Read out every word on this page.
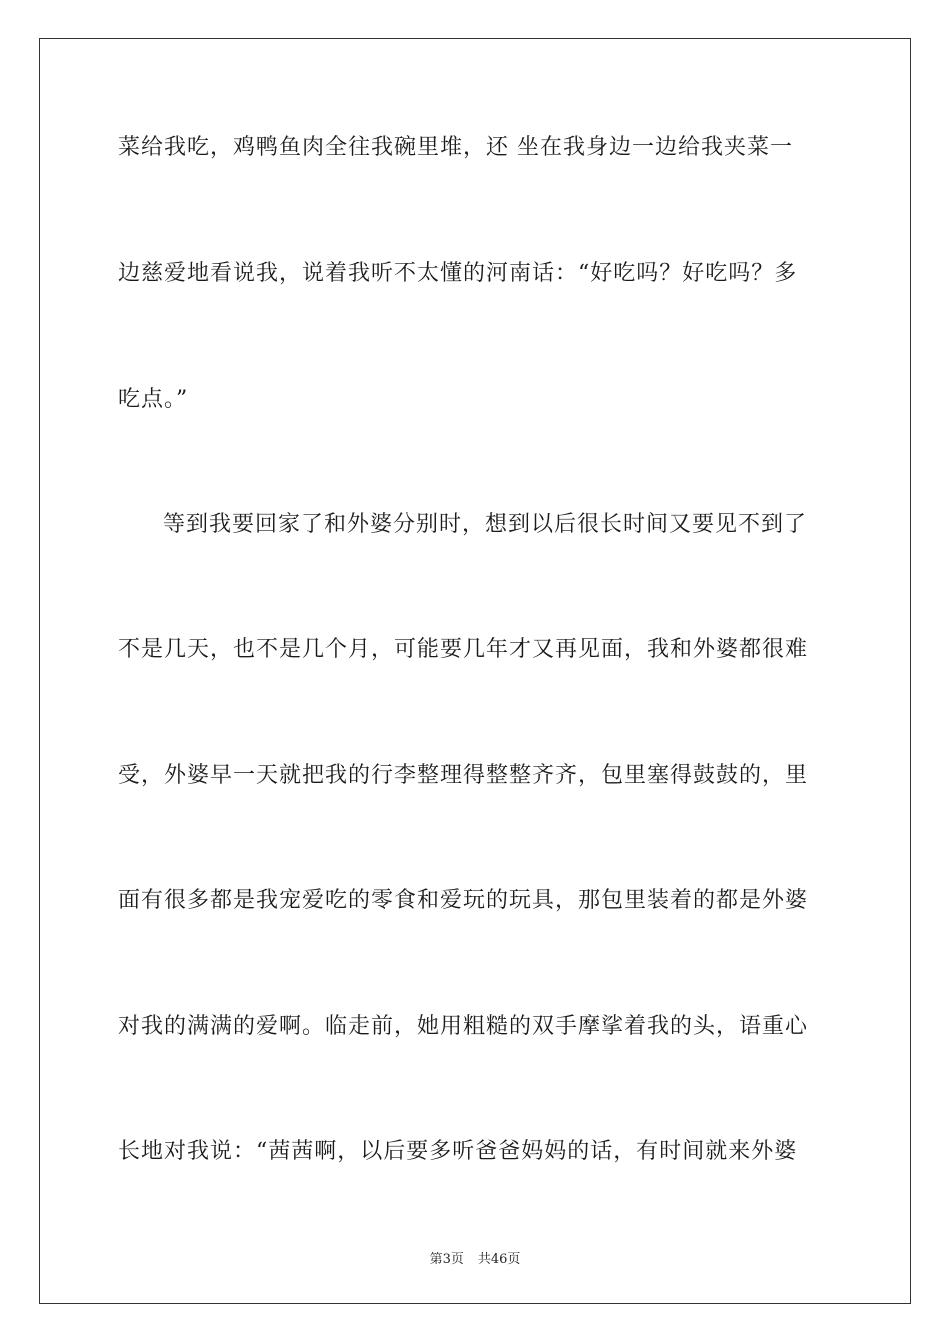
菜给我吃，鸡鸭鱼肉全往我碗里堆，还 坐在我身边一边给我夹菜一
边慈爱地看说我，说着我听不太懂的河南话：“好吃吗？好吃吗？多
吃点。”
等到我要回家了和外婆分别时，想到以后很长时间又要见不到了
不是几天，也不是几个月，可能要几年才又再见面，我和外婆都很难
受，外婆早一天就把我的行李整理得整整齐齐，包里塞得鼓鼓的，里
面有很多都是我宠爱吃的零食和爱玩的玩具，那包里装着的都是外婆
对我的满满的爱啊。临走前，她用粗糙的双手摩挲着我的头，语重心
长地对我说：“茜茜啊，以后要多听爸爸妈妈的话，有时间就来外婆
第3页 共46页
